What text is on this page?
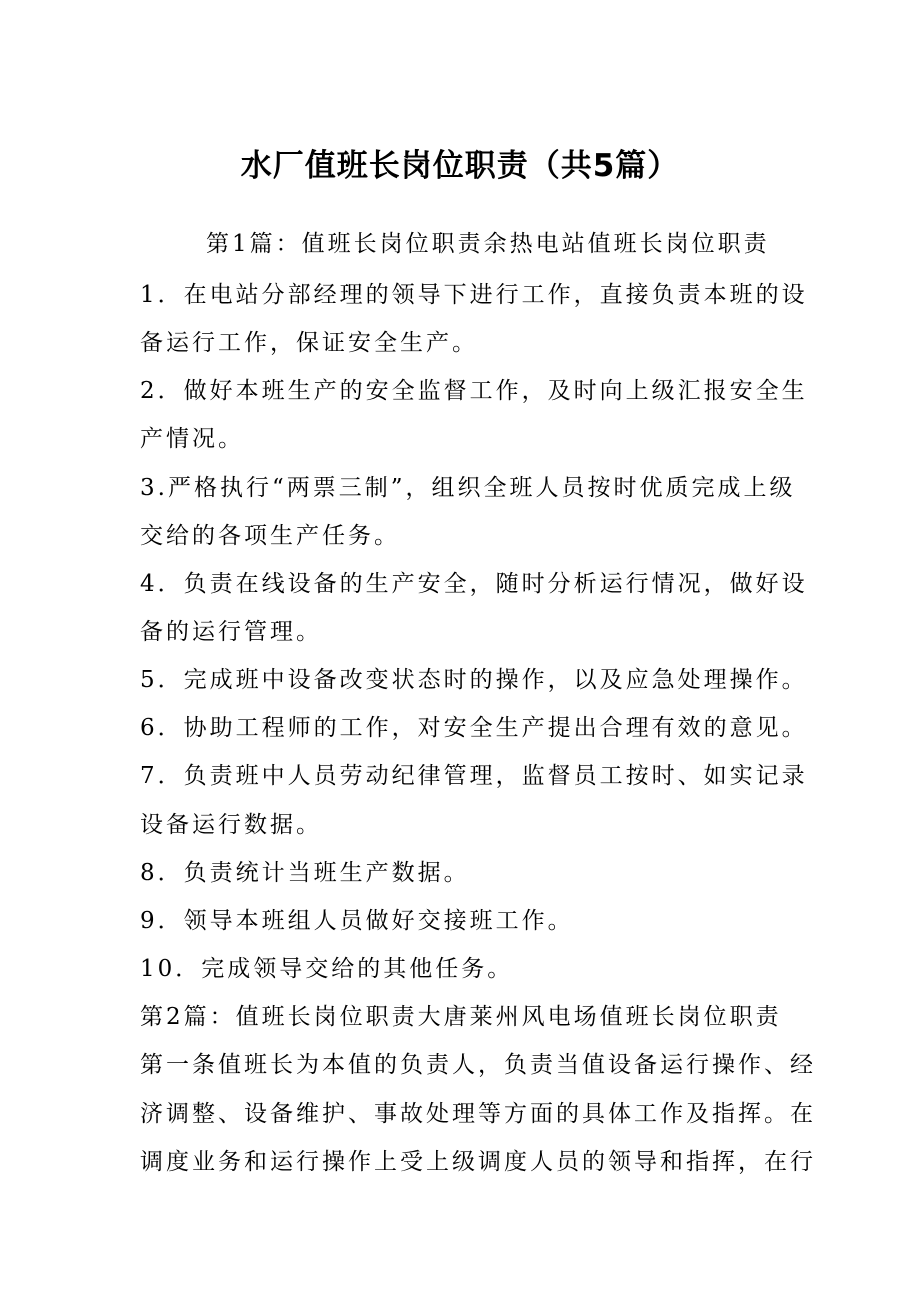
水厂值班长岗位职责（共5篇）
第1篇：值班长岗位职责余热电站值班长岗位职责
1．在电站分部经理的领导下进行工作，直接负责本班的设
备运行工作，保证安全生产。
2．做好本班生产的安全监督工作，及时向上级汇报安全生
产情况。
3.严格执行“两票三制”，组织全班人员按时优质完成上级
交给的各项生产任务。
4．负责在线设备的生产安全，随时分析运行情况，做好设
备的运行管理。
5．完成班中设备改变状态时的操作，以及应急处理操作。
6．协助工程师的工作，对安全生产提出合理有效的意见。
7．负责班中人员劳动纪律管理，监督员工按时、如实记录
设备运行数据。
8．负责统计当班生产数据。
9．领导本班组人员做好交接班工作。
10．完成领导交给的其他任务。
第2篇：值班长岗位职责大唐莱州风电场值班长岗位职责
第一条值班长为本值的负责人，负责当值设备运行操作、经
济调整、设备维护、事故处理等方面的具体工作及指挥。在
调度业务和运行操作上受上级调度人员的领导和指挥，在行
